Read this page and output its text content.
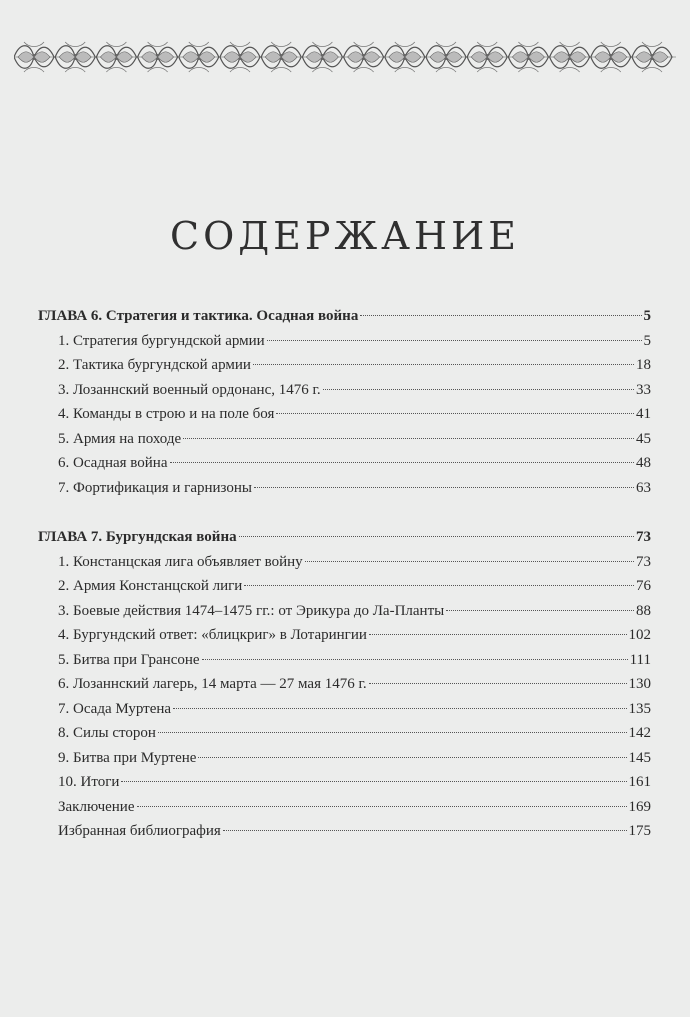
СОДЕРЖАНИЕ
ГЛАВА 6. Стратегия и тактика. Осадная война	5
1. Стратегия бургундской армии	5
2. Тактика бургундской армии	18
3. Лозаннский военный ордонанс, 1476 г.	33
4. Команды в строю и на поле боя	41
5. Армия на походе	45
6. Осадная война	48
7. Фортификация и гарнизоны	63
ГЛАВА 7. Бургундская война	73
1. Констанцская лига объявляет войну	73
2. Армия Констанцской лиги	76
3. Боевые действия 1474–1475 гг.: от Эрикура до Ла-Планты	88
4. Бургундский ответ: «блицкриг» в Лотарингии	102
5. Битва при Грансоне	111
6. Лозаннский лагерь, 14 марта — 27 мая 1476 г.	130
7. Осада Муртена	135
8. Силы сторон	142
9. Битва при Муртене	145
10. Итоги	161
Заключение	169
Избранная библиография	175
